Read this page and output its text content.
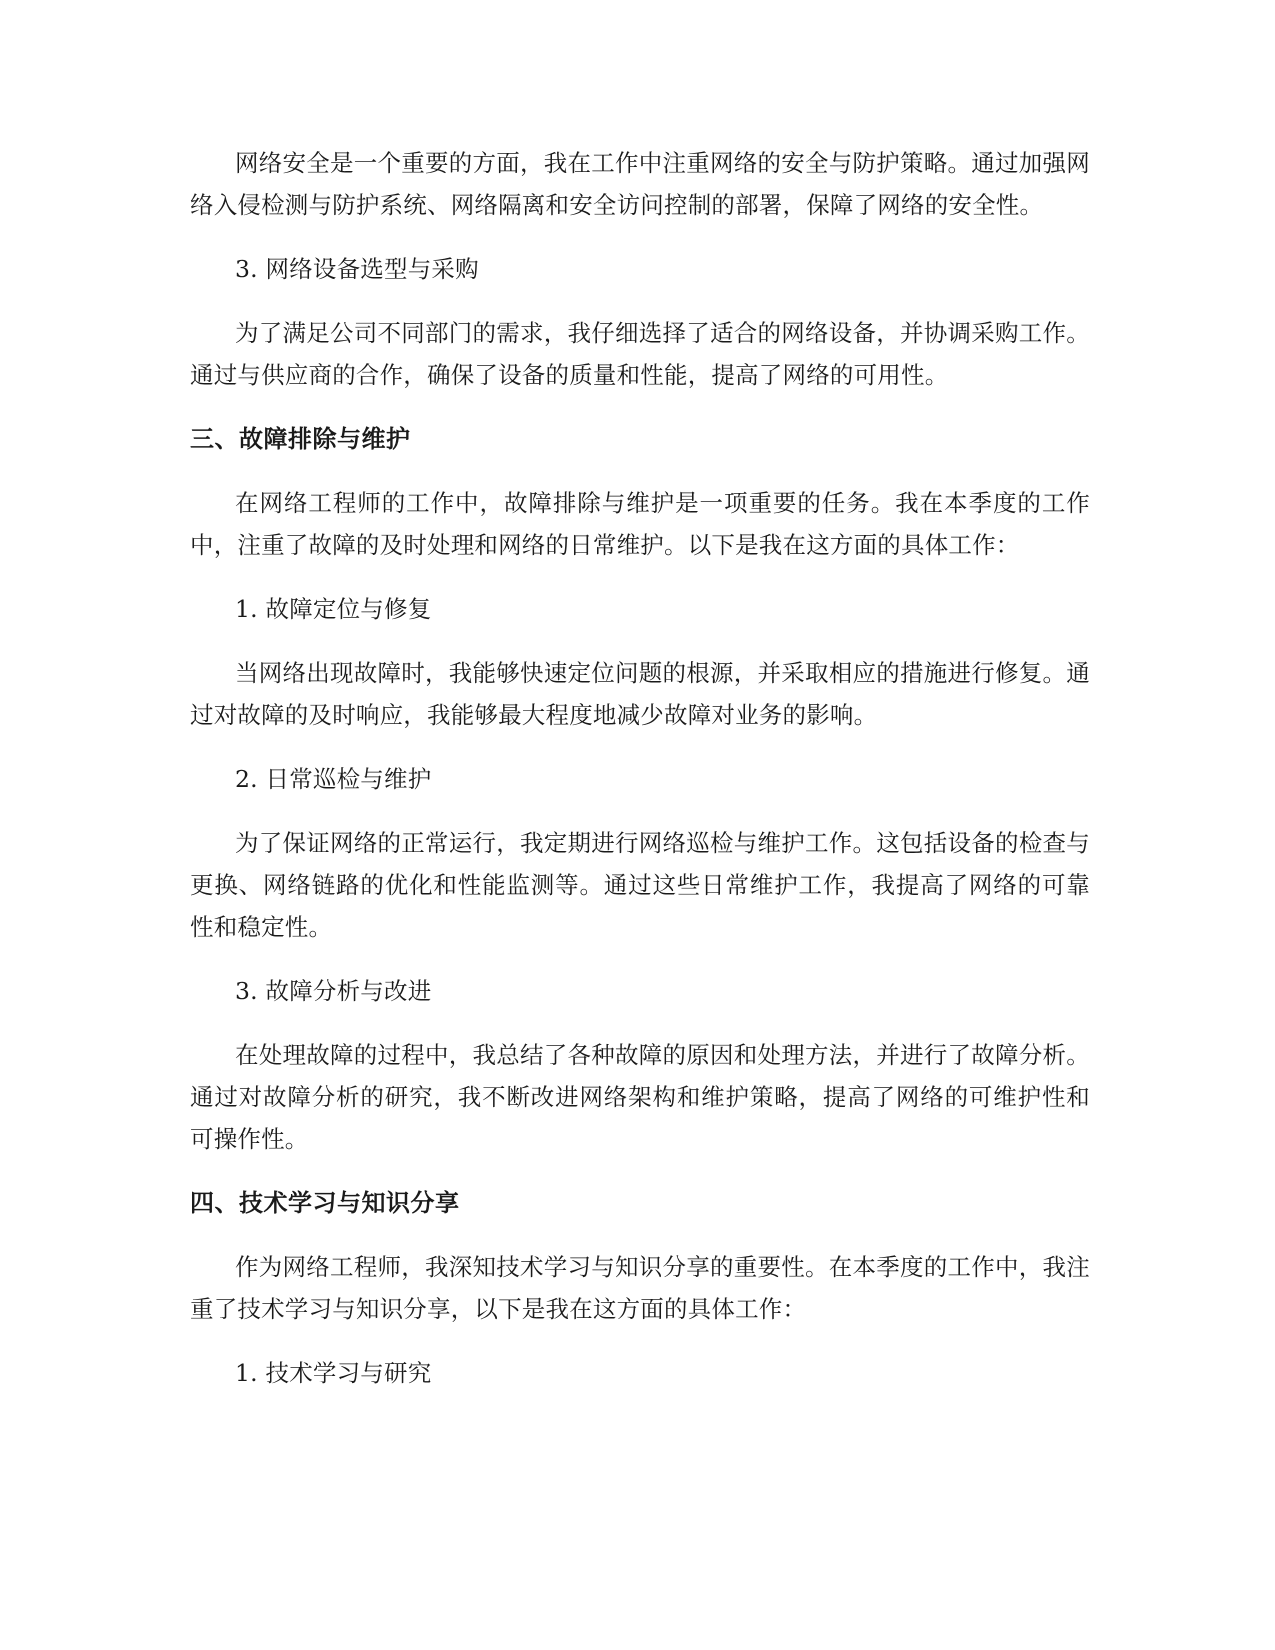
网络安全是一个重要的方面，我在工作中注重网络的安全与防护策略。通过加强网络入侵检测与防护系统、网络隔离和安全访问控制的部署，保障了网络的安全性。

3. 网络设备选型与采购

为了满足公司不同部门的需求，我仔细选择了适合的网络设备，并协调采购工作。通过与供应商的合作，确保了设备的质量和性能，提高了网络的可用性。

三、故障排除与维护

在网络工程师的工作中，故障排除与维护是一项重要的任务。我在本季度的工作中，注重了故障的及时处理和网络的日常维护。以下是我在这方面的具体工作：

1. 故障定位与修复

当网络出现故障时，我能够快速定位问题的根源，并采取相应的措施进行修复。通过对故障的及时响应，我能够最大程度地减少故障对业务的影响。

2. 日常巡检与维护

为了保证网络的正常运行，我定期进行网络巡检与维护工作。这包括设备的检查与更换、网络链路的优化和性能监测等。通过这些日常维护工作，我提高了网络的可靠性和稳定性。

3. 故障分析与改进

在处理故障的过程中，我总结了各种故障的原因和处理方法，并进行了故障分析。通过对故障分析的研究，我不断改进网络架构和维护策略，提高了网络的可维护性和可操作性。

四、技术学习与知识分享

作为网络工程师，我深知技术学习与知识分享的重要性。在本季度的工作中，我注重了技术学习与知识分享，以下是我在这方面的具体工作：

1. 技术学习与研究
